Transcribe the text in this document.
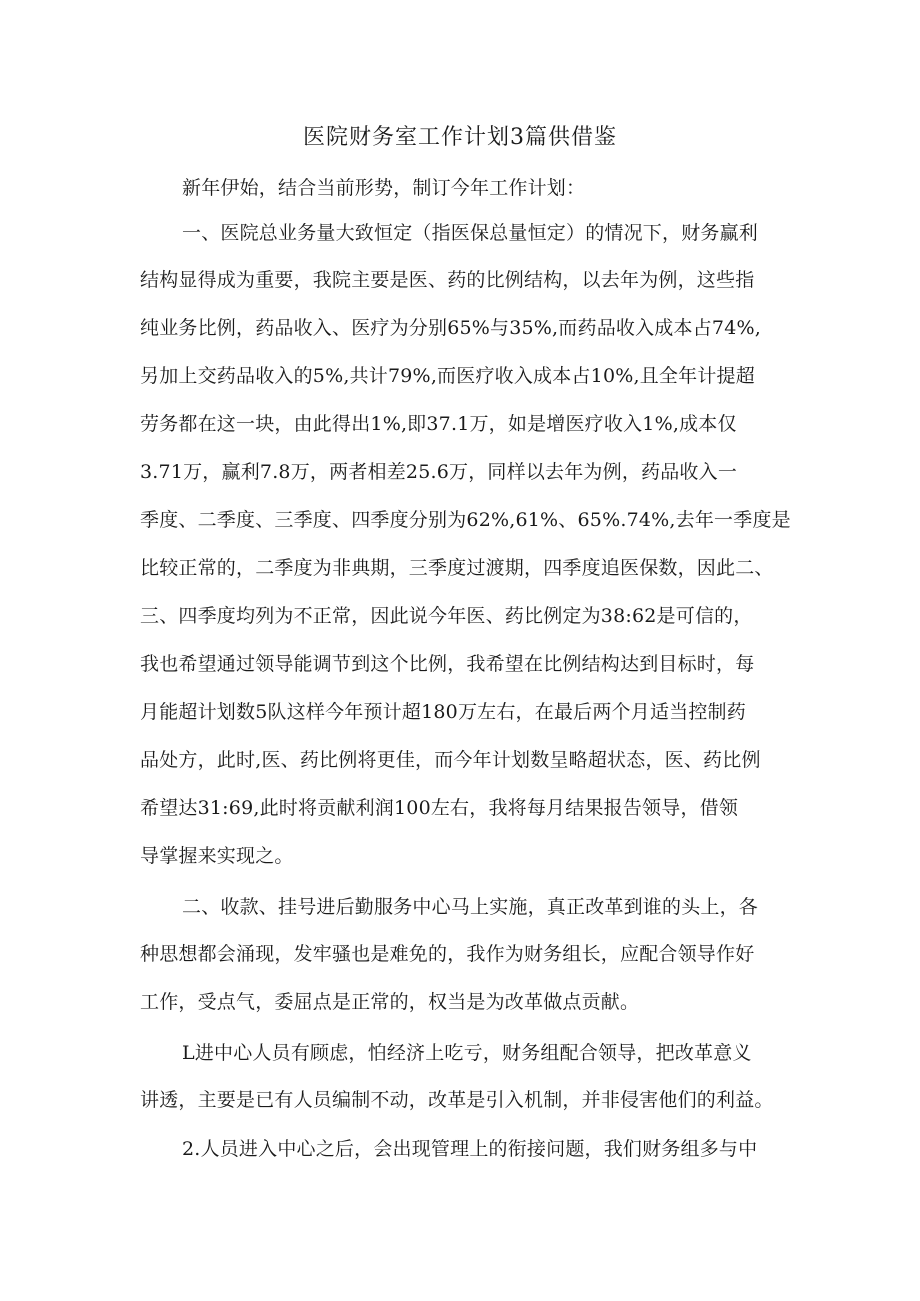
医院财务室工作计划3篇供借鉴
新年伊始，结合当前形势，制订今年工作计划：
一、医院总业务量大致恒定（指医保总量恒定）的情况下，财务赢利
结构显得成为重要，我院主要是医、药的比例结构，以去年为例，这些指
纯业务比例，药品收入、医疗为分别65%与35%,而药品收入成本占74%,
另加上交药品收入的5%,共计79%,而医疗收入成本占10%,且全年计提超
劳务都在这一块，由此得出1%,即37.1万，如是增医疗收入1%,成本仅
3.71万，赢利7.8万，两者相差25.6万，同样以去年为例，药品收入一
季度、二季度、三季度、四季度分别为62%,61%、65%.74%,去年一季度是
比较正常的，二季度为非典期，三季度过渡期，四季度追医保数，因此二、
三、四季度均列为不正常，因此说今年医、药比例定为38:62是可信的，
我也希望通过领导能调节到这个比例，我希望在比例结构达到目标时，每
月能超计划数5队这样今年预计超180万左右，在最后两个月适当控制药
品处方，此时,医、药比例将更佳，而今年计划数呈略超状态，医、药比例
希望达31:69,此时将贡献利润100左右，我将每月结果报告领导，借领
导掌握来实现之。
二、收款、挂号进后勤服务中心马上实施，真正改革到谁的头上，各
种思想都会涌现，发牢骚也是难免的，我作为财务组长，应配合领导作好
工作，受点气，委屈点是正常的，权当是为改革做点贡献。
L进中心人员有顾虑，怕经济上吃亏，财务组配合领导，把改革意义
讲透，主要是已有人员编制不动，改革是引入机制，并非侵害他们的利益。
2.人员进入中心之后，会出现管理上的衔接问题，我们财务组多与中
